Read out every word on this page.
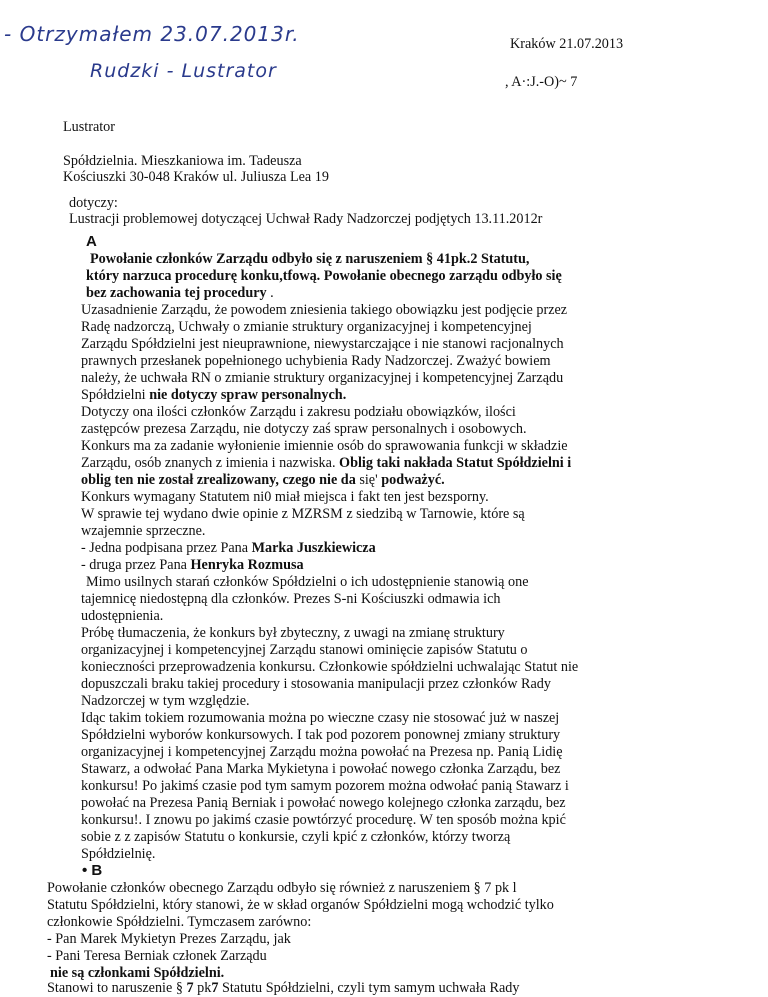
- Otrzymałem 23.07.2013r.
Rudzki - Lustrator
Kraków 21.07.2013
, A·:J.-O)~ 7
Lustrator
Spółdzielnia. Mieszkaniowa im. Tadeusza
Kościuszki 30-048 Kraków ul. Juliusza Lea 19
dotyczy:
Lustracji problemowej dotyczącej Uchwał Rady Nadzorczej podjętych 13.11.2012r
A
Powołanie członków Zarządu odbyło się z naruszeniem § 41pk.2 Statutu,
który narzuca procedurę konku,tfową. Powołanie obecnego zarządu odbyło się
bez zachowania tej procedury .
Uzasadnienie Zarządu, że powodem zniesienia takiego obowiązku jest podjęcie przez
Radę nadzorczą, Uchwały o zmianie struktury organizacyjnej i kompetencyjnej
Zarządu Spółdzielni jest nieuprawnione, niewystarczające i nie stanowi racjonalnych
prawnych przesłanek popełnionego uchybienia Rady Nadzorczej. Zważyć bowiem
należy, że uchwała RN o zmianie struktury organizacyjnej i kompetencyjnej Zarządu
Spółdzielni nie dotyczy spraw personalnych.
Dotyczy ona ilości członków Zarządu i zakresu podziału obowiązków, ilości
zastępców prezesa Zarządu, nie dotyczy zaś spraw personalnych i osobowych.
Konkurs ma za zadanie wyłonienie imiennie osób do sprawowania funkcji w składzie
Zarządu, osób znanych z imienia i nazwiska. Oblig taki nakłada Statut Spółdzielni i
oblig ten nie został zrealizowany, czego nie da się' podważyć.
Konkurs wymagany Statutem ni0 miał miejsca i fakt ten jest bezsporny.
W sprawie tej wydano dwie opinie z MZRSM z siedzibą w Tarnowie, które są
wzajemnie sprzeczne.
- Jedna podpisana przez Pana Marka Juszkiewicza
- druga przez Pana Henryka Rozmusa
Mimo usilnych starań członków Spółdzielni o ich udostępnienie stanowią one
tajemnicę niedostępną dla członków. Prezes S-ni Kościuszki odmawia ich
udostępnienia.
Próbę tłumaczenia, że konkurs był zbyteczny, z uwagi na zmianę struktury
organizacyjnej i kompetencyjnej Zarządu stanowi ominięcie zapisów Statutu o
konieczności przeprowadzenia konkursu. Członkowie spółdzielni uchwalając Statut nie
dopuszczali braku takiej procedury i stosowania manipulacji przez członków Rady
Nadzorczej w tym względzie.
Idąc takim tokiem rozumowania można po wieczne czasy nie stosować już w naszej
Spółdzielni wyborów konkursowych. I tak pod pozorem ponownej zmiany struktury
organizacyjnej i kompetencyjnej Zarządu można powołać na Prezesa np. Panią Lidię
Stawarz, a odwołać Pana Marka Mykietyna i powołać nowego członka Zarządu, bez
konkursu! Po jakimś czasie pod tym samym pozorem można odwołać panią Stawarz i
powołać na Prezesa Panią Berniak i powołać nowego kolejnego członka zarządu, bez
konkursu!. I znowu po jakimś czasie powtórzyć procedurę. W ten sposób można kpić
sobie z z zapisów Statutu o konkursie, czyli kpić z członków, którzy tworzą
Spółdzielnię.
• B
Powołanie członków obecnego Zarządu odbyło się również z naruszeniem § 7 pk l
Statutu Spółdzielni, który stanowi, że w skład organów Spółdzielni mogą wchodzić tylko
członkowie Spółdzielni. Tymczasem zarówno:
- Pan Marek Mykietyn Prezes Zarządu, jak
- Pani Teresa Berniak członek Zarządu
nie są członkami Spółdzielni.
Stanowi to naruszenie § 7 pk7 Statutu Spółdzielni, czyli tym samym uchwała Rady
